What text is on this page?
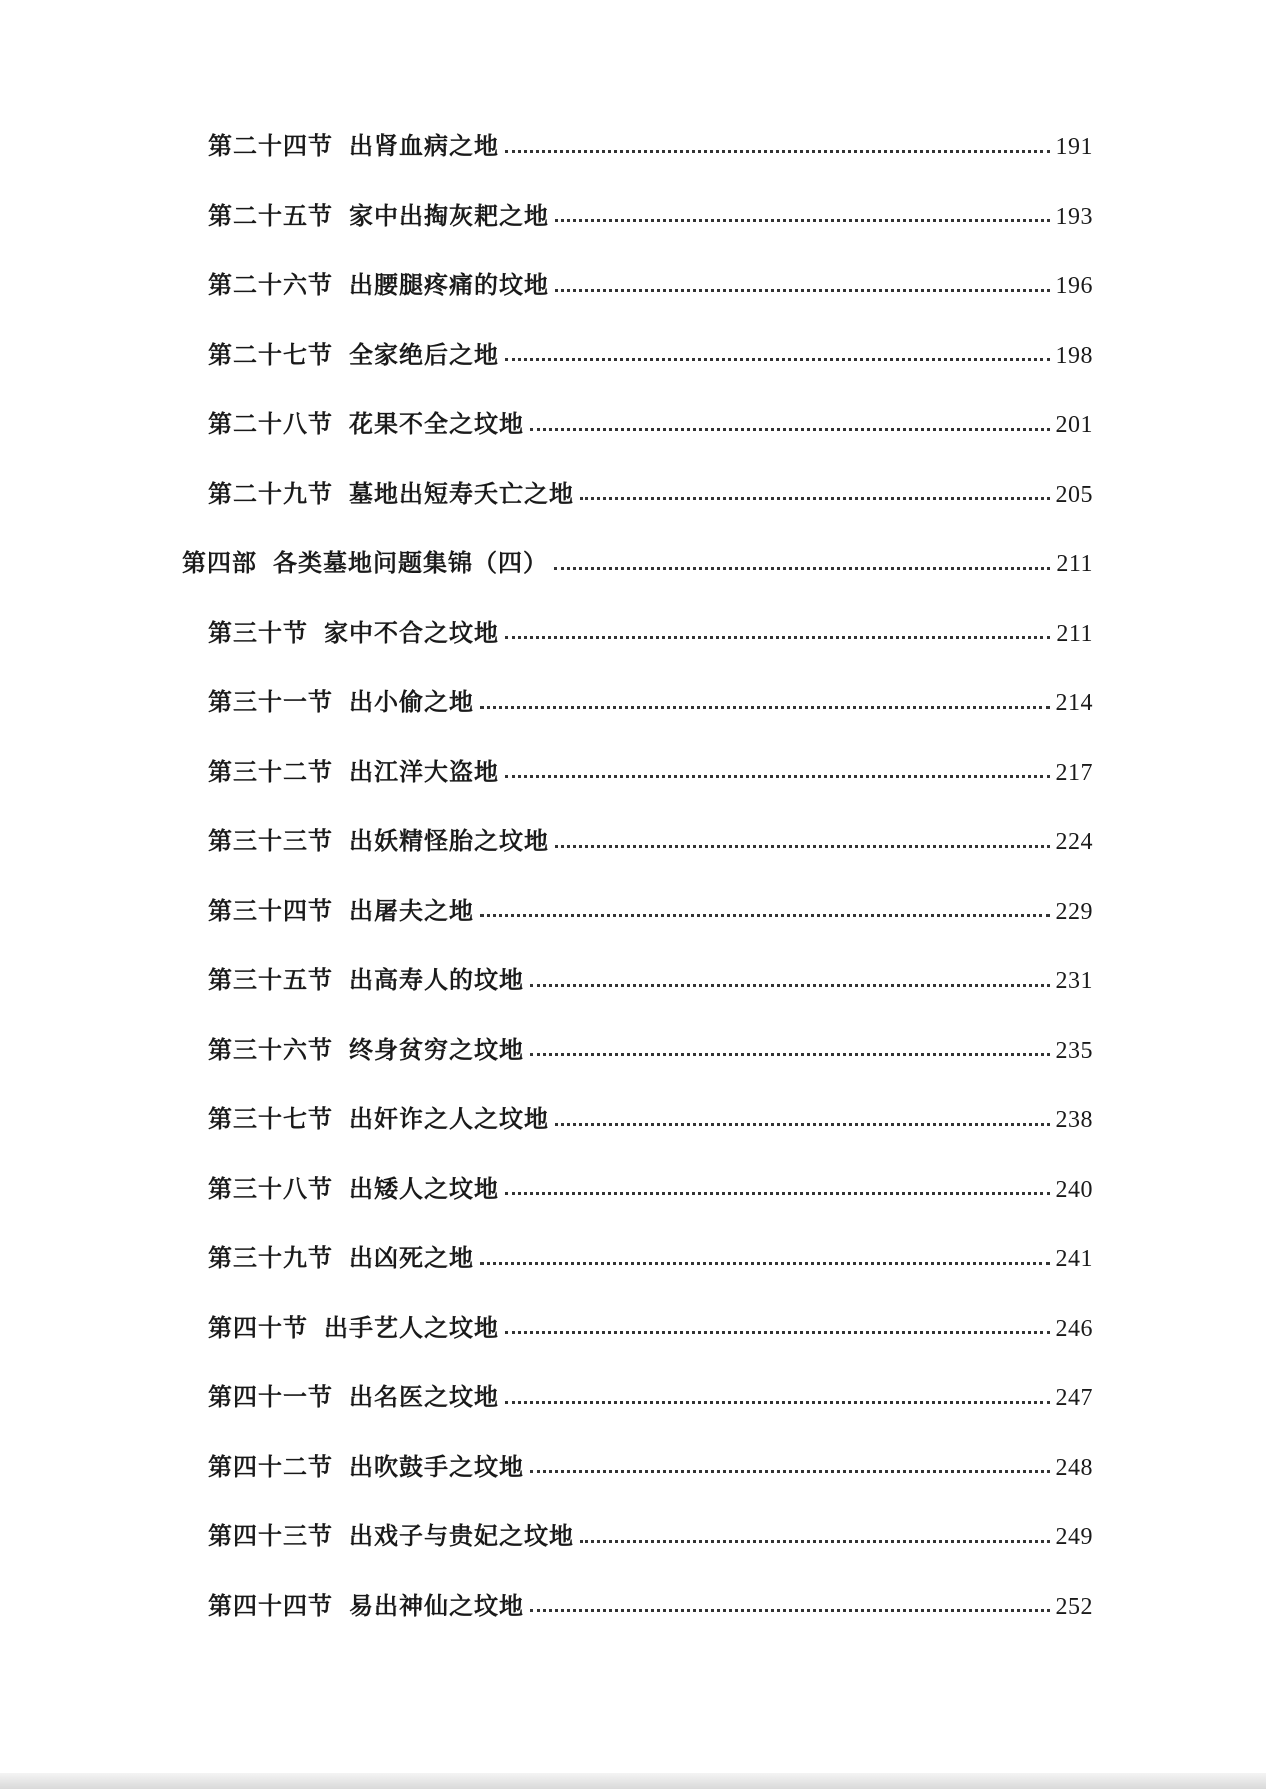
第二十四节 出肾血病之地	191
第二十五节 家中出掏灰耙之地	193
第二十六节 出腰腿疼痛的坟地	196
第二十七节 全家绝后之地	198
第二十八节 花果不全之坟地	201
第二十九节 墓地出短寿夭亡之地	205
第四部 各类墓地问题集锦（四）	211
第三十节 家中不合之坟地	211
第三十一节 出小偷之地	214
第三十二节 出江洋大盗地	217
第三十三节 出妖精怪胎之坟地	224
第三十四节 出屠夫之地	229
第三十五节 出高寿人的坟地	231
第三十六节 终身贫穷之坟地	235
第三十七节 出奸诈之人之坟地	238
第三十八节 出矮人之坟地	240
第三十九节 出凶死之地	241
第四十节 出手艺人之坟地	246
第四十一节 出名医之坟地	247
第四十二节 出吹鼓手之坟地	248
第四十三节 出戏子与贵妃之坟地	249
第四十四节 易出神仙之坟地	252
